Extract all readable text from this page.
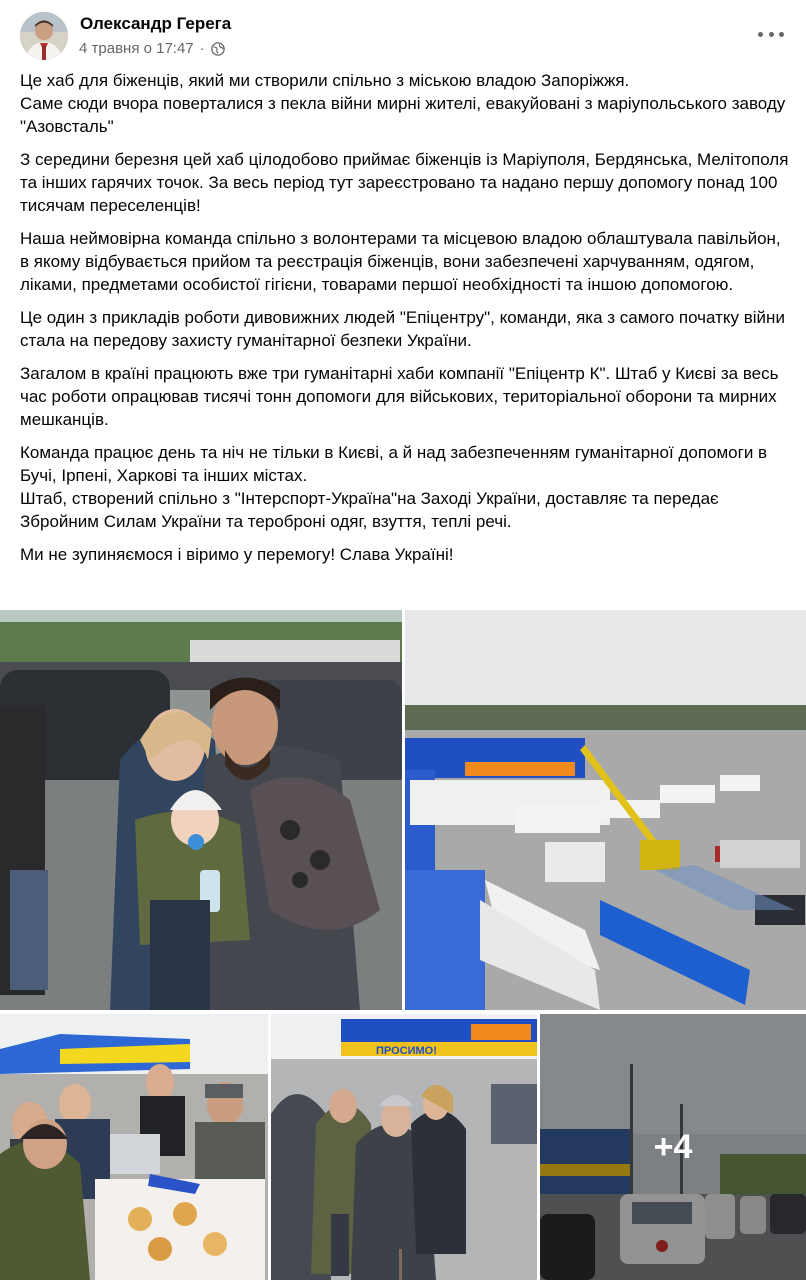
Олександр Герега
4 травня о 17:47 ·

Це хаб для біженців, який ми створили спільно з міською владою Запоріжжя.
Саме сюди вчора поверталися з пекла війни мирні жителі, евакуйовані з маріупольського заводу "Азовсталь"

З середини березня цей хаб цілодобово приймає біженців із Маріуполя, Бердянська, Мелітополя та інших гарячих точок. За весь період тут зареєстровано та надано першу допомогу понад 100 тисячам переселенців!

Наша неймовірна команда спільно з волонтерами та місцевою владою облаштувала павільйон, в якому відбувається прийом та реєстрація біженців, вони забезпечені харчуванням, одягом, ліками, предметами особистої гігієни, товарами першої необхідності та іншою допомогою.

Це один з прикладів роботи дивовижних людей "Епіцентру", команди, яка з самого початку війни стала на передову захисту гуманітарної безпеки України.

Загалом в країні працюють вже три гуманітарні хаби компанії "Епіцентр К". Штаб у Києві за весь час роботи опрацював тисячі тонн допомоги для військових, територіальної оборони та мирних мешканців.

Команда працює день та ніч не тільки в Києві, а й над забезпеченням гуманітарної допомоги в Бучі, Ірпені, Харкові та інших містах.
Штаб, створений спільно з "Інтерспорт-Україна"на Заході України, доставляє та передає Збройним Силам України та тероброні одяг, взуття, теплі речі.

Ми не зупиняємося і віримо у перемогу! Слава Україні!

ПРОСИМО!
+4
